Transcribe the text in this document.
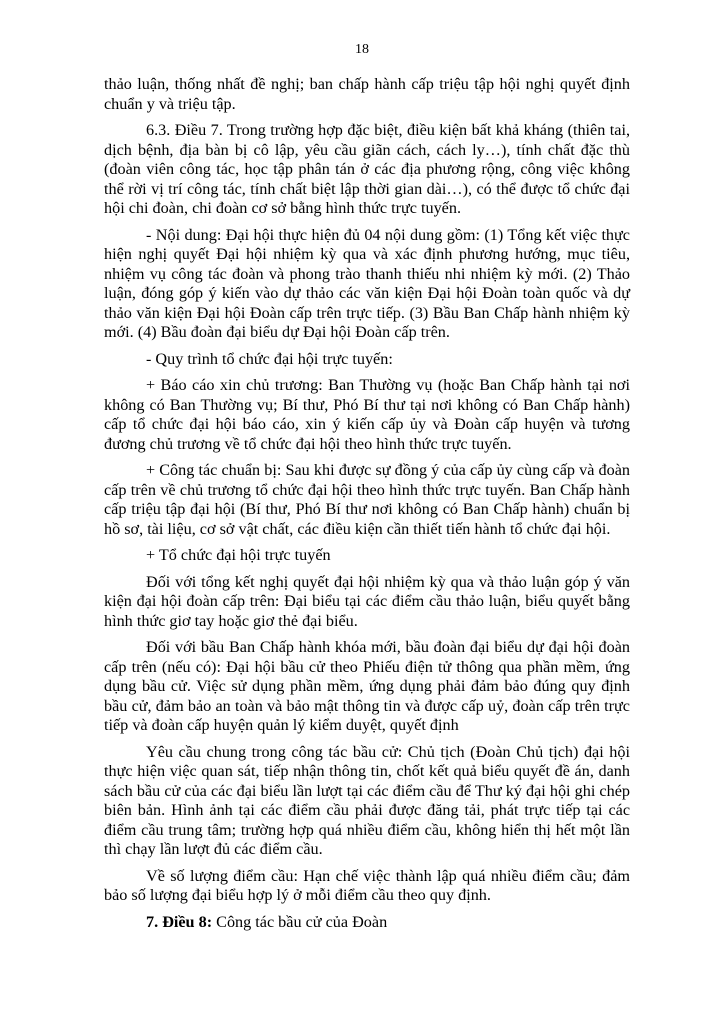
18

thảo luận, thống nhất đề nghị; ban chấp hành cấp triệu tập hội nghị quyết định chuẩn y và triệu tập.

6.3. Điều 7. Trong trường hợp đặc biệt, điều kiện bất khả kháng (thiên tai, dịch bệnh, địa bàn bị cô lập, yêu cầu giãn cách, cách ly…), tính chất đặc thù (đoàn viên công tác, học tập phân tán ở các địa phương rộng, công việc không thể rời vị trí công tác, tính chất biệt lập thời gian dài…), có thể được tổ chức đại hội chi đoàn, chi đoàn cơ sở bằng hình thức trực tuyến.

- Nội dung: Đại hội thực hiện đủ 04 nội dung gồm: (1) Tổng kết việc thực hiện nghị quyết Đại hội nhiệm kỳ qua và xác định phương hướng, mục tiêu, nhiệm vụ công tác đoàn và phong trào thanh thiếu nhi nhiệm kỳ mới. (2) Thảo luận, đóng góp ý kiến vào dự thảo các văn kiện Đại hội Đoàn toàn quốc và dự thảo văn kiện Đại hội Đoàn cấp trên trực tiếp. (3) Bầu Ban Chấp hành nhiệm kỳ mới. (4) Bầu đoàn đại biểu dự Đại hội Đoàn cấp trên.

- Quy trình tổ chức đại hội trực tuyến:

+ Báo cáo xin chủ trương: Ban Thường vụ (hoặc Ban Chấp hành tại nơi không có Ban Thường vụ; Bí thư, Phó Bí thư tại nơi không có Ban Chấp hành) cấp tổ chức đại hội báo cáo, xin ý kiến cấp ủy và Đoàn cấp huyện và tương đương chủ trương về tổ chức đại hội theo hình thức trực tuyến.

+ Công tác chuẩn bị: Sau khi được sự đồng ý của cấp ủy cùng cấp và đoàn cấp trên về chủ trương tổ chức đại hội theo hình thức trực tuyến. Ban Chấp hành cấp triệu tập đại hội (Bí thư, Phó Bí thư nơi không có Ban Chấp hành) chuẩn bị hồ sơ, tài liệu, cơ sở vật chất, các điều kiện cần thiết tiến hành tổ chức đại hội.

+ Tổ chức đại hội trực tuyến

Đối với tổng kết nghị quyết đại hội nhiệm kỳ qua và thảo luận góp ý văn kiện đại hội đoàn cấp trên: Đại biểu tại các điểm cầu thảo luận, biểu quyết bằng hình thức giơ tay hoặc giơ thẻ đại biểu.

Đối với bầu Ban Chấp hành khóa mới, bầu đoàn đại biểu dự đại hội đoàn cấp trên (nếu có): Đại hội bầu cử theo Phiếu điện tử thông qua phần mềm, ứng dụng bầu cử. Việc sử dụng phần mềm, ứng dụng phải đảm bảo đúng quy định bầu cử, đảm bảo an toàn và bảo mật thông tin và được cấp uỷ, đoàn cấp trên trực tiếp và đoàn cấp huyện quản lý kiểm duyệt, quyết định

Yêu cầu chung trong công tác bầu cử: Chủ tịch (Đoàn Chủ tịch) đại hội thực hiện việc quan sát, tiếp nhận thông tin, chốt kết quả biểu quyết đề án, danh sách bầu cử của các đại biểu lần lượt tại các điểm cầu để Thư ký đại hội ghi chép biên bản. Hình ảnh tại các điểm cầu phải được đăng tải, phát trực tiếp tại các điểm cầu trung tâm; trường hợp quá nhiều điểm cầu, không hiển thị hết một lần thì chạy lần lượt đủ các điểm cầu.

Về số lượng điểm cầu: Hạn chế việc thành lập quá nhiều điểm cầu; đảm bảo số lượng đại biểu hợp lý ở mỗi điểm cầu theo quy định.

7. Điều 8: Công tác bầu cử của Đoàn
